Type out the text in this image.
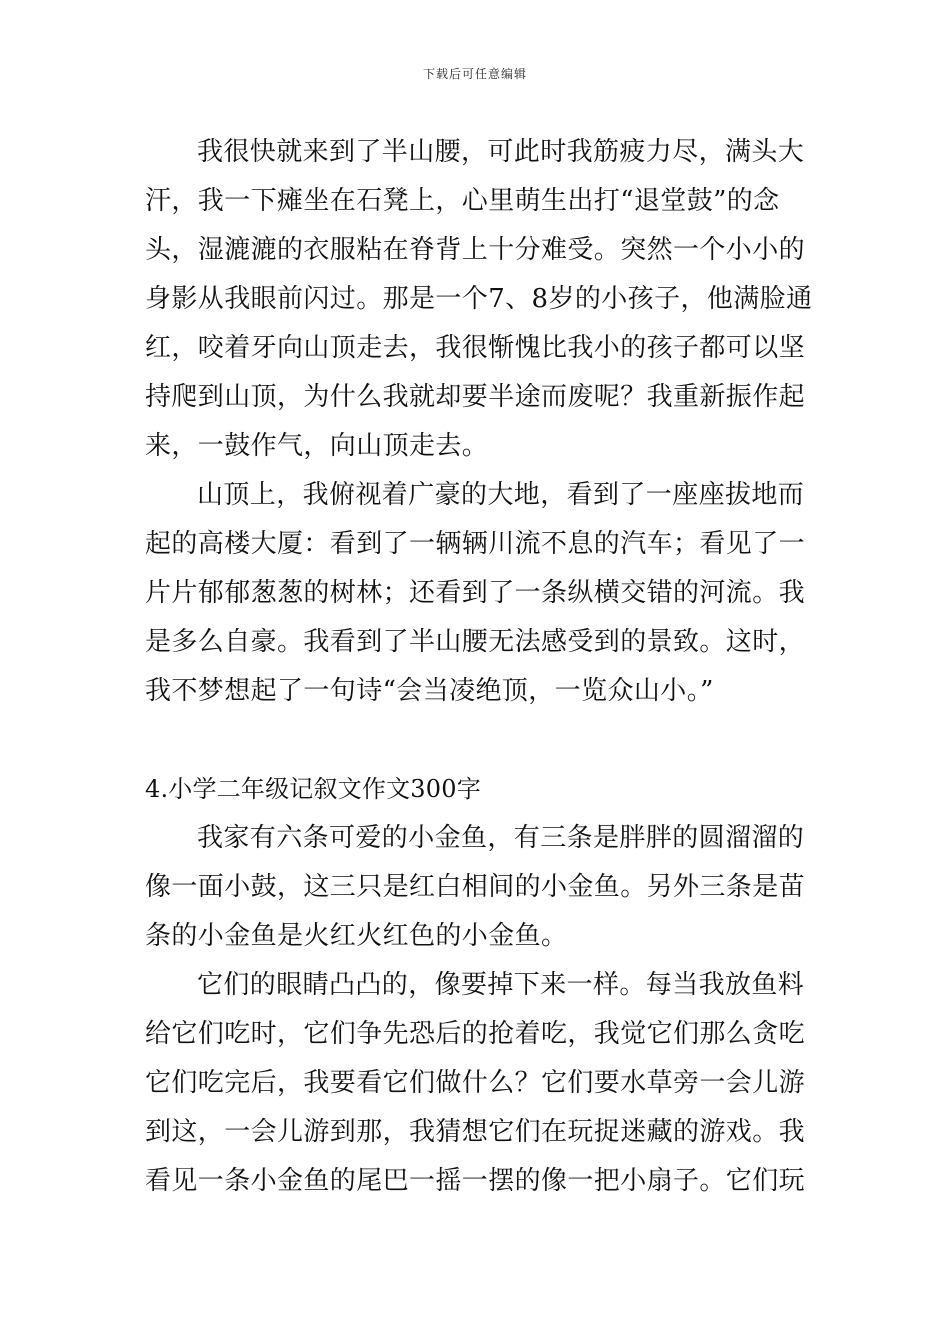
下载后可任意编辑

我很快就来到了半山腰，可此时我筋疲力尽，满头大
汗，我一下瘫坐在石凳上，心里萌生出打“退堂鼓”的念
头，湿漉漉的衣服粘在脊背上十分难受。突然一个小小的
身影从我眼前闪过。那是一个7、8岁的小孩子，他满脸通
红，咬着牙向山顶走去，我很惭愧比我小的孩子都可以坚
持爬到山顶，为什么我就却要半途而废呢？我重新振作起
来，一鼓作气，向山顶走去。

山顶上，我俯视着广豪的大地，看到了一座座拔地而
起的高楼大厦：看到了一辆辆川流不息的汽车；看见了一
片片郁郁葱葱的树林；还看到了一条纵横交错的河流。我
是多么自豪。我看到了半山腰无法感受到的景致。这时，
我不梦想起了一句诗“会当凌绝顶，一览众山小。”

4.小学二年级记叙文作文300字

我家有六条可爱的小金鱼，有三条是胖胖的圆溜溜的
像一面小鼓，这三只是红白相间的小金鱼。另外三条是苗
条的小金鱼是火红火红色的小金鱼。

它们的眼睛凸凸的，像要掉下来一样。每当我放鱼料
给它们吃时，它们争先恐后的抢着吃，我觉它们那么贪吃
它们吃完后，我要看它们做什么？它们要水草旁一会儿游
到这，一会儿游到那，我猜想它们在玩捉迷藏的游戏。我
看见一条小金鱼的尾巴一摇一摆的像一把小扇子。它们玩
